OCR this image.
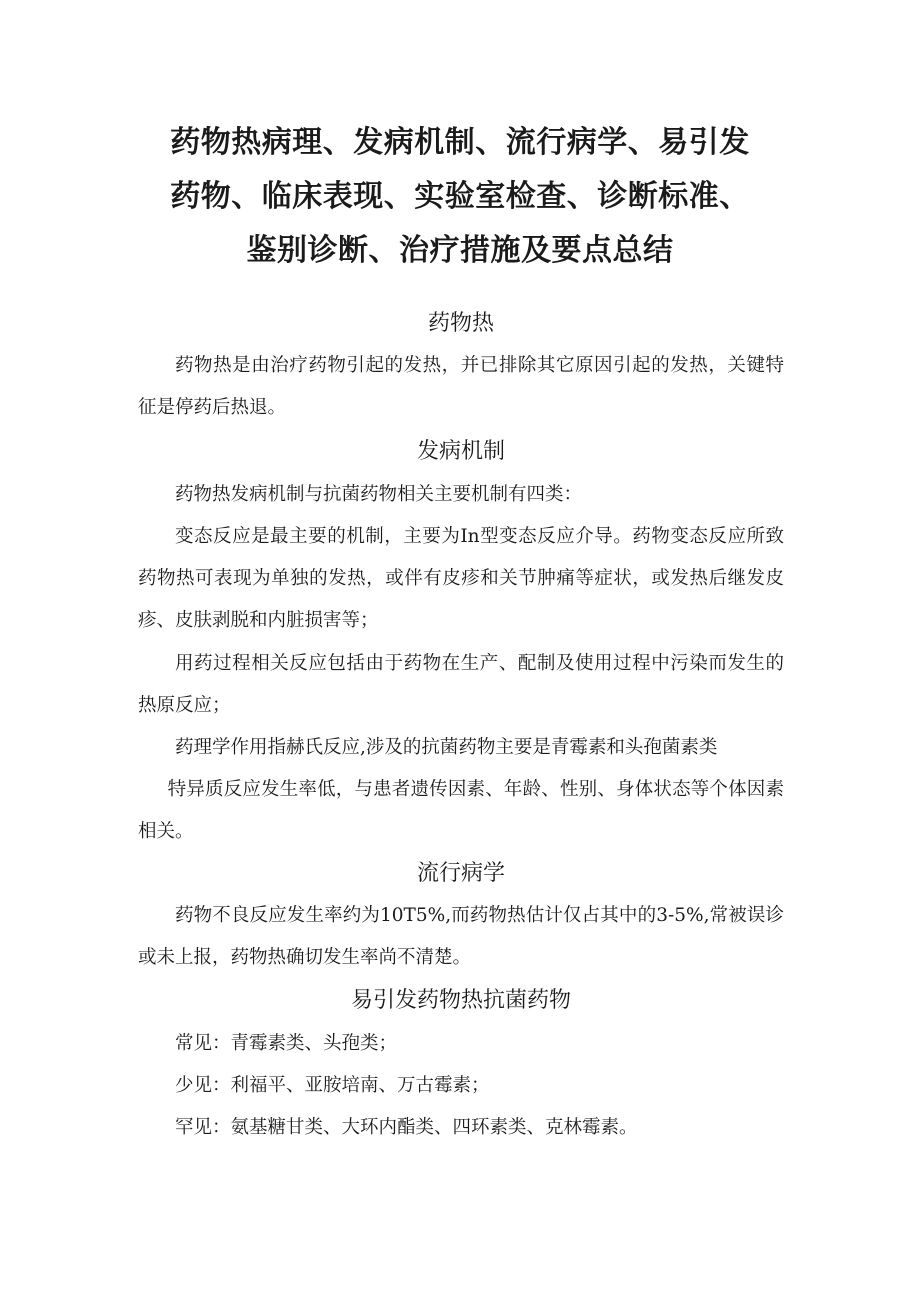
药物热病理、发病机制、流行病学、易引发
药物、临床表现、实验室检查、诊断标准、
鉴别诊断、治疗措施及要点总结
药物热
药物热是由治疗药物引起的发热，并已排除其它原因引起的发热，关键特征是停药后热退。
发病机制
药物热发病机制与抗菌药物相关主要机制有四类：
变态反应是最主要的机制，主要为In型变态反应介导。药物变态反应所致药物热可表现为单独的发热，或伴有皮疹和关节肿痛等症状，或发热后继发皮疹、皮肤剥脱和内脏损害等；
用药过程相关反应包括由于药物在生产、配制及使用过程中污染而发生的热原反应；
药理学作用指赫氏反应,涉及的抗菌药物主要是青霉素和头孢菌素类
特异质反应发生率低，与患者遗传因素、年龄、性别、身体状态等个体因素相关。
流行病学
药物不良反应发生率约为10T5%,而药物热估计仅占其中的3-5%,常被误诊或未上报，药物热确切发生率尚不清楚。
易引发药物热抗菌药物
常见：青霉素类、头孢类；
少见：利福平、亚胺培南、万古霉素；
罕见：氨基糖甘类、大环内酯类、四环素类、克林霉素。
